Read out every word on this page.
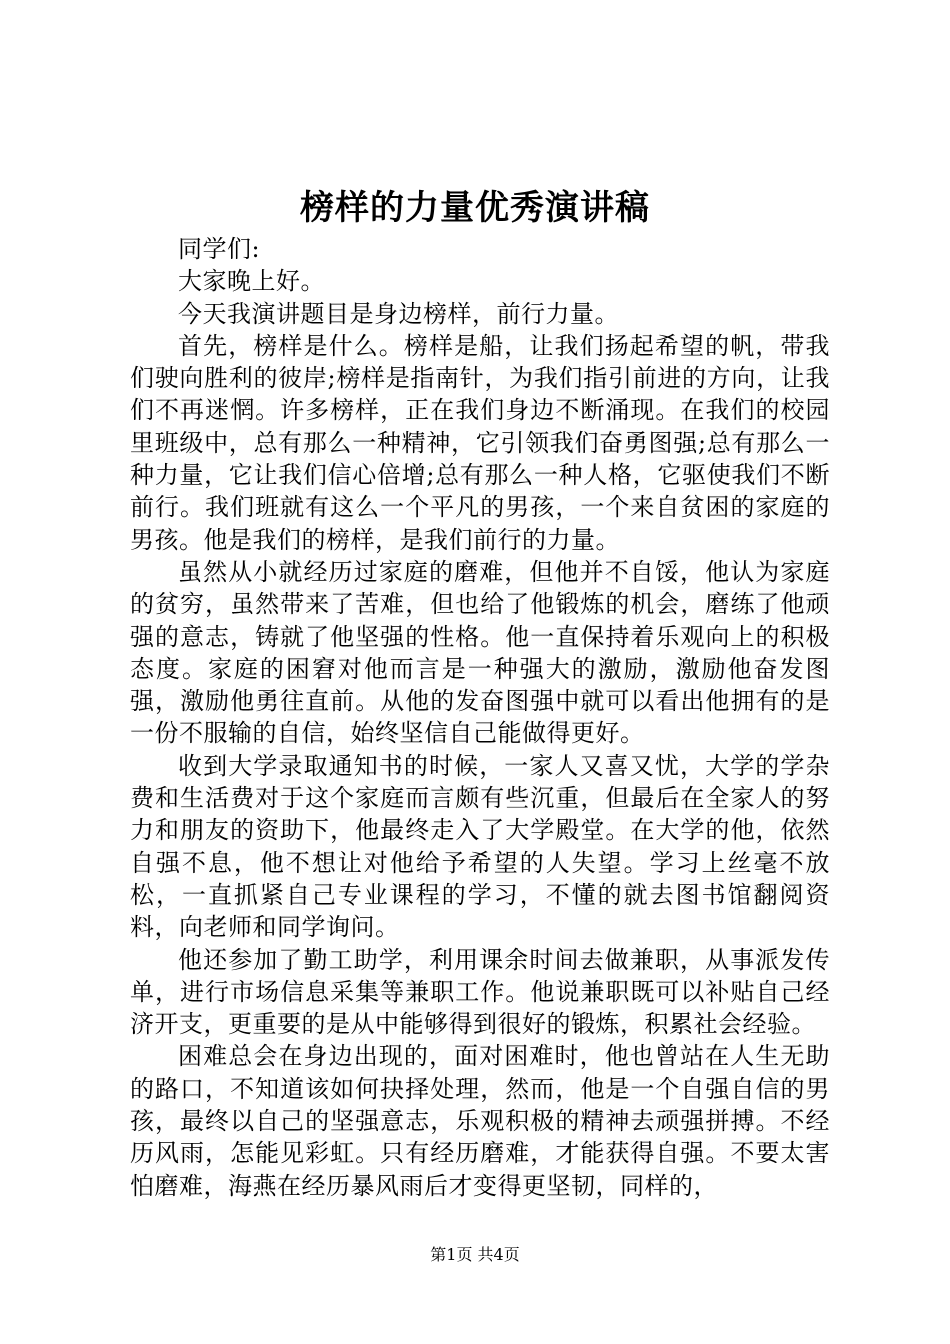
榜样的力量优秀演讲稿

同学们:

大家晚上好。

今天我演讲题目是身边榜样，前行力量。

首先，榜样是什么。榜样是船，让我们扬起希望的帆，带我们驶向胜利的彼岸;榜样是指南针，为我们指引前进的方向，让我们不再迷惘。许多榜样，正在我们身边不断涌现。在我们的校园里班级中，总有那么一种精神，它引领我们奋勇图强;总有那么一种力量，它让我们信心倍增;总有那么一种人格，它驱使我们不断前行。我们班就有这么一个平凡的男孩，一个来自贫困的家庭的男孩。他是我们的榜样，是我们前行的力量。

虽然从小就经历过家庭的磨难，但他并不自馁，他认为家庭的贫穷，虽然带来了苦难，但也给了他锻炼的机会，磨练了他顽强的意志，铸就了他坚强的性格。他一直保持着乐观向上的积极态度。家庭的困窘对他而言是一种强大的激励，激励他奋发图强，激励他勇往直前。从他的发奋图强中就可以看出他拥有的是一份不服输的自信，始终坚信自己能做得更好。

收到大学录取通知书的时候，一家人又喜又忧，大学的学杂费和生活费对于这个家庭而言颇有些沉重，但最后在全家人的努力和朋友的资助下，他最终走入了大学殿堂。在大学的他，依然自强不息，他不想让对他给予希望的人失望。学习上丝毫不放松，一直抓紧自己专业课程的学习，不懂的就去图书馆翻阅资料，向老师和同学询问。

他还参加了勤工助学，利用课余时间去做兼职，从事派发传单，进行市场信息采集等兼职工作。他说兼职既可以补贴自己经济开支，更重要的是从中能够得到很好的锻炼，积累社会经验。

困难总会在身边出现的，面对困难时，他也曾站在人生无助的路口，不知道该如何抉择处理，然而，他是一个自强自信的男孩，最终以自己的坚强意志，乐观积极的精神去顽强拼搏。不经历风雨，怎能见彩虹。只有经历磨难，才能获得自强。不要太害怕磨难，海燕在经历暴风雨后才变得更坚韧，同样的，

第1页 共4页
